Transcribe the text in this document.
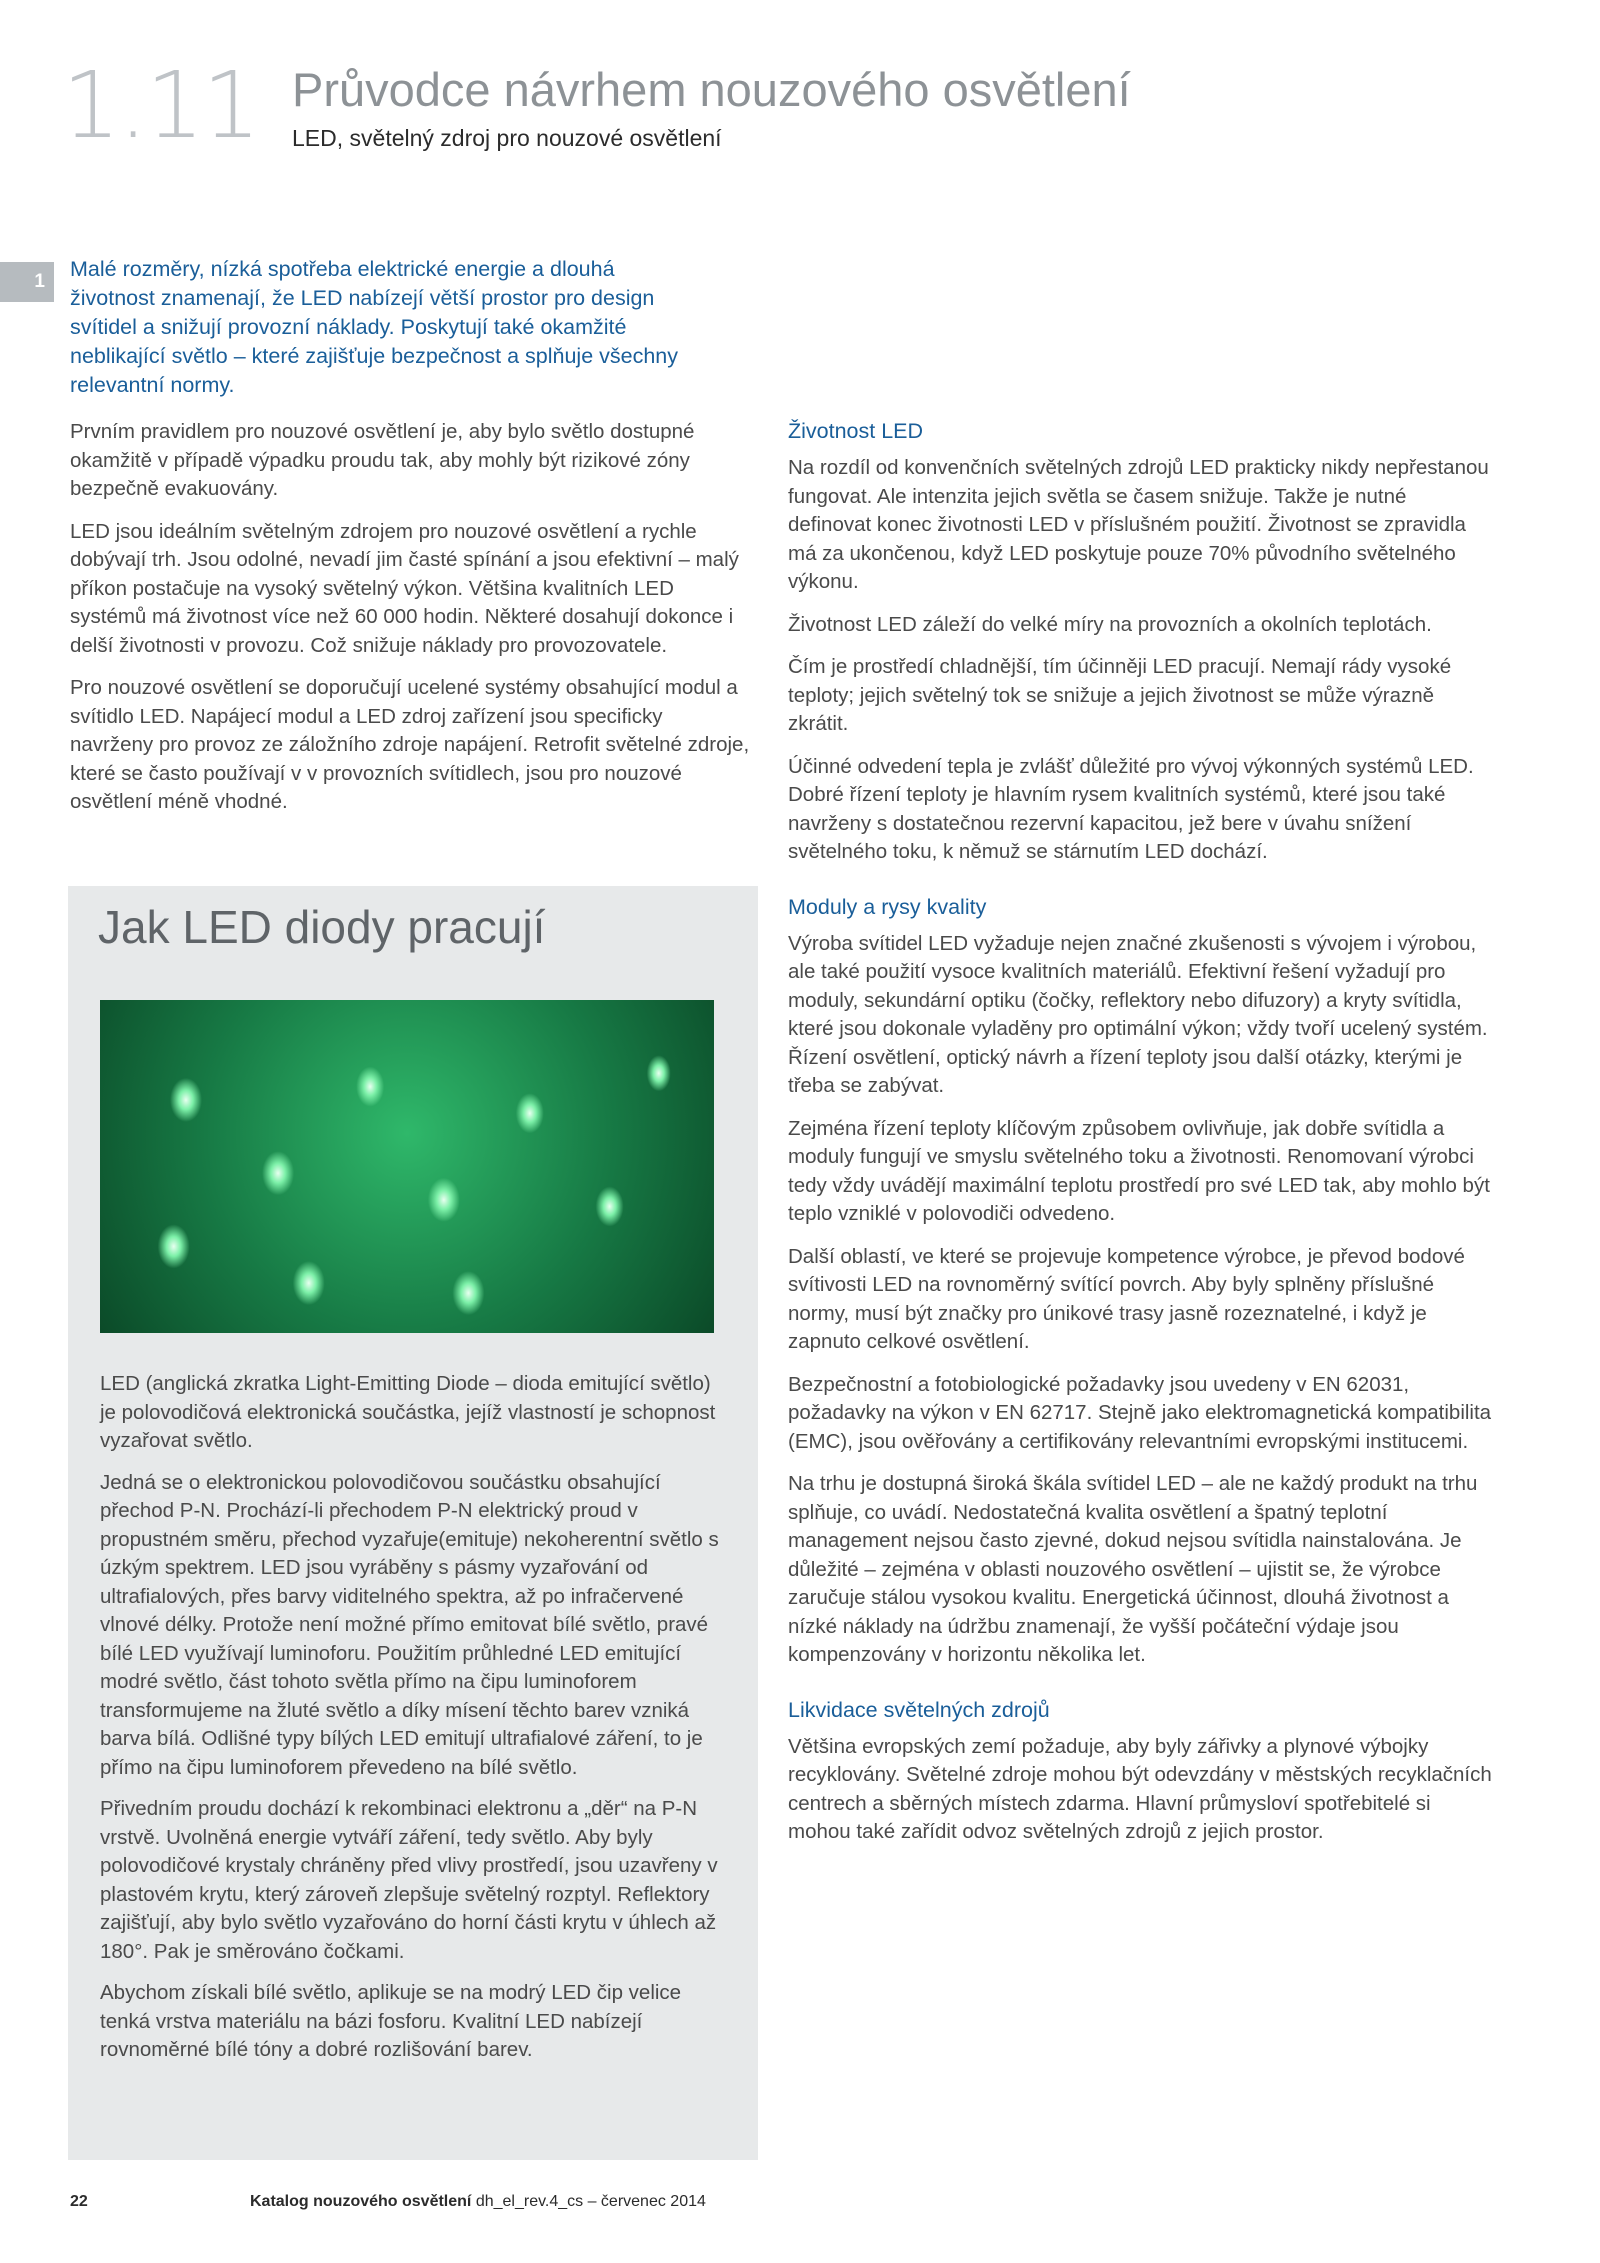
1.11 Průvodce návrhem nouzového osvětlení
LED, světelný zdroj pro nouzové osvětlení
1
Malé rozměry, nízká spotřeba elektrické energie a dlouhá životnost znamenají, že LED nabízejí větší prostor pro design svítidel a snižují provozní náklady. Poskytují také okamžité neblikající světlo – které zajišťuje bezpečnost a splňuje všechny relevantní normy.

Prvním pravidlem pro nouzové osvětlení je, aby bylo světlo dostupné okamžitě v případě výpadku proudu tak, aby mohly být rizikové zóny bezpečně evakuovány.

LED jsou ideálním světelným zdrojem pro nouzové osvětlení a rychle dobývají trh. Jsou odolné, nevadí jim časté spínání a jsou efektivní – malý příkon postačuje na vysoký světelný výkon. Většina kvalitních LED systémů má životnost více než 60 000 hodin. Některé dosahují dokonce i delší životnosti v provozu. Což snižuje náklady pro provozovatele.

Pro nouzové osvětlení se doporučují ucelené systémy obsahující modul a svítidlo LED. Napájecí modul a LED zdroj zařízení jsou specificky navrženy pro provoz ze záložního zdroje napájení. Retrofit světelné zdroje, které se často používají v v provozních svítidlech, jsou pro nouzové osvětlení méně vhodné.

Jak LED diody pracují

LED (anglická zkratka Light-Emitting Diode – dioda emitující světlo) je polovodičová elektronická součástka, jejíž vlastností je schopnost vyzařovat světlo.

Jedná se o elektronickou polovodičovou součástku obsahující přechod P-N. Prochází-li přechodem P-N elektrický proud v propustném směru, přechod vyzařuje(emituje) nekoherentní světlo s úzkým spektrem. LED jsou vyráběny s pásmy vyzařování od ultrafialových, přes barvy viditelného spektra, až po infračervené vlnové délky. Protože není možné přímo emitovat bílé světlo, pravé bílé LED využívají luminoforu. Použitím průhledné LED emitující modré světlo, část tohoto světla přímo na čipu luminoforem transformujeme na žluté světlo a díky mísení těchto barev vzniká barva bílá. Odlišné typy bílých LED emitují ultrafialové záření, to je přímo na čipu luminoforem převedeno na bílé světlo.

Přivedním proudu dochází k rekombinaci elektronu a „děr“ na P-N vrstvě. Uvolněná energie vytváří záření, tedy světlo. Aby byly polovodičové krystaly chráněny před vlivy prostředí, jsou uzavřeny v plastovém krytu, který zároveň zlepšuje světelný rozptyl. Reflektory zajišťují, aby bylo světlo vyzařováno do horní části krytu v úhlech až 180°. Pak je směrováno čočkami.

Abychom získali bílé světlo, aplikuje se na modrý LED čip velice tenká vrstva materiálu na bázi fosforu. Kvalitní LED nabízejí rovnoměrné bílé tóny a dobré rozlišování barev.

Životnost LED

Na rozdíl od konvenčních světelných zdrojů LED prakticky nikdy nepřestanou fungovat. Ale intenzita jejich světla se časem snižuje. Takže je nutné definovat konec životnosti LED v příslušném použití. Životnost se zpravidla má za ukončenou, když LED poskytuje pouze 70% původního světelného výkonu.

Životnost LED záleží do velké míry na provozních a okolních teplotách.

Čím je prostředí chladnější, tím účinněji LED pracují. Nemají rády vysoké teploty; jejich světelný tok se snižuje a jejich životnost se může výrazně zkrátit.

Účinné odvedení tepla je zvlášť důležité pro vývoj výkonných systémů LED. Dobré řízení teploty je hlavním rysem kvalitních systémů, které jsou také navrženy s dostatečnou rezervní kapacitou, jež bere v úvahu snížení světelného toku, k němuž se stárnutím LED dochází.

Moduly a rysy kvality

Výroba svítidel LED vyžaduje nejen značné zkušenosti s vývojem i výrobou, ale také použití vysoce kvalitních materiálů. Efektivní řešení vyžadují pro moduly, sekundární optiku (čočky, reflektory nebo difuzory) a kryty svítidla, které jsou dokonale vyladěny pro optimální výkon; vždy tvoří ucelený systém. Řízení osvětlení, optický návrh a řízení teploty jsou další otázky, kterými je třeba se zabývat.

Zejména řízení teploty klíčovým způsobem ovlivňuje, jak dobře svítidla a moduly fungují ve smyslu světelného toku a životnosti. Renomovaní výrobci tedy vždy uvádějí maximální teplotu prostředí pro své LED tak, aby mohlo být teplo vzniklé v polovodiči odvedeno.

Další oblastí, ve které se projevuje kompetence výrobce, je převod bodové svítivosti LED na rovnoměrný svítící povrch. Aby byly splněny příslušné normy, musí být značky pro únikové trasy jasně rozeznatelné, i když je zapnuto celkové osvětlení.

Bezpečnostní a fotobiologické požadavky jsou uvedeny v EN 62031, požadavky na výkon v EN 62717. Stejně jako elektromagnetická kompatibilita (EMC), jsou ověřovány a certifikovány relevantními evropskými institucemi.

Na trhu je dostupná široká škála svítidel LED – ale ne každý produkt na trhu splňuje, co uvádí. Nedostatečná kvalita osvětlení a špatný teplotní management nejsou často zjevné, dokud nejsou svítidla nainstalována. Je důležité – zejména v oblasti nouzového osvětlení – ujistit se, že výrobce zaručuje stálou vysokou kvalitu. Energetická účinnost, dlouhá životnost a nízké náklady na údržbu znamenají, že vyšší počáteční výdaje jsou kompenzovány v horizontu několika let.

Likvidace světelných zdrojů

Většina evropských zemí požaduje, aby byly zářivky a plynové výbojky recyklovány. Světelné zdroje mohou být odevzdány v městských recyklačních centrech a sběrných místech zdarma. Hlavní průmysloví spotřebitelé si mohou také zařídit odvoz světelných zdrojů z jejich prostor.

22	Katalog nouzového osvětlení dh_el_rev.4_cs – červenec 2014
